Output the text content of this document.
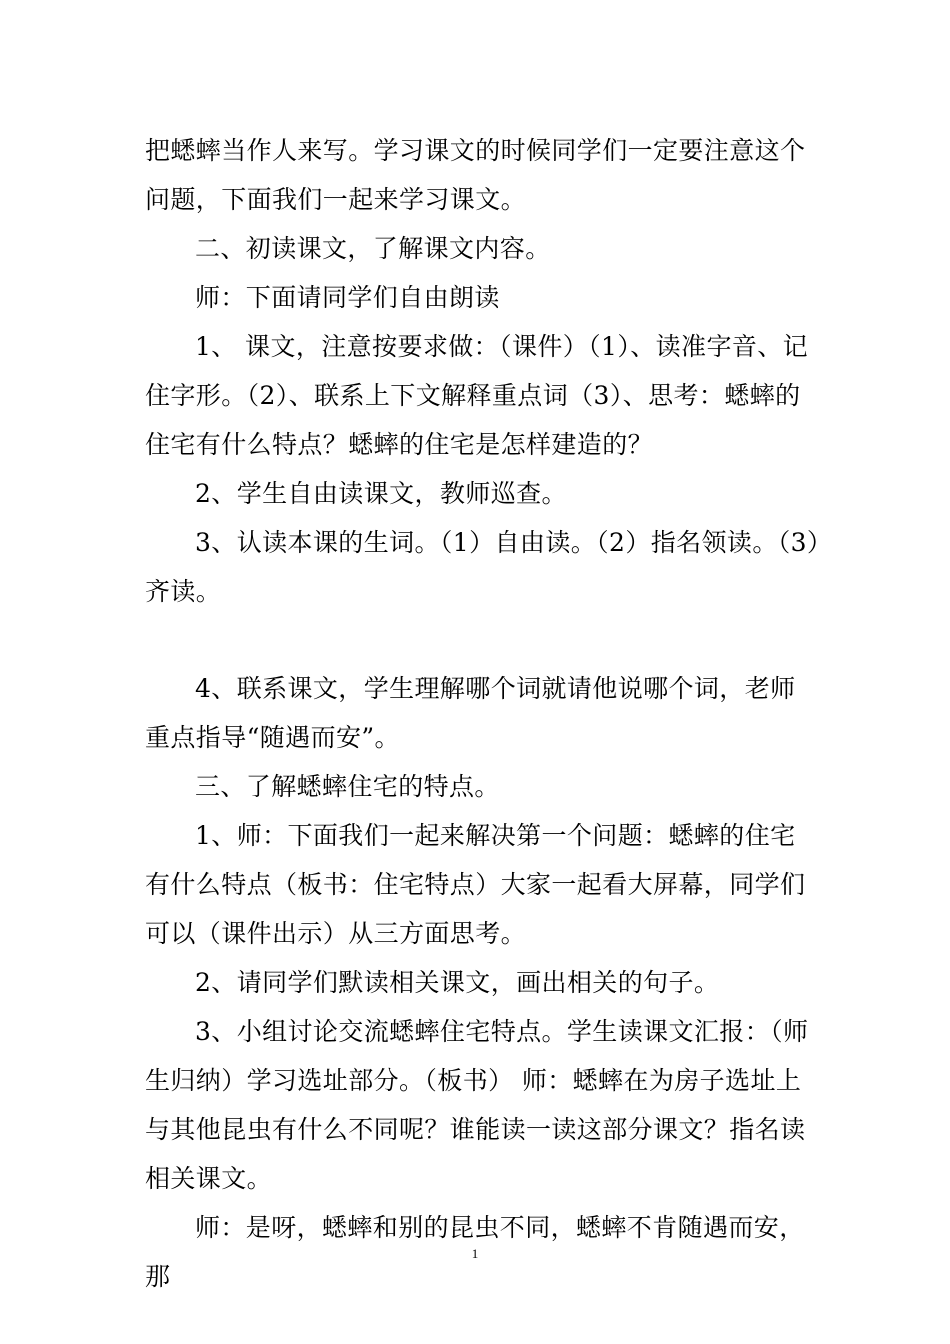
把蟋蟀当作人来写。学习课文的时候同学们一定要注意这个问题，下面我们一起来学习课文。

二、初读课文，了解课文内容。

师：下面请同学们自由朗读

1、 课文，注意按要求做：（课件）（1）、读准字音、记住字形。（2）、联系上下文解释重点词（3）、思考：蟋蟀的住宅有什么特点？蟋蟀的住宅是怎样建造的？

2、学生自由读课文，教师巡查。

3、认读本课的生词。（1）自由读。（2）指名领读。（3）齐读。

4、联系课文，学生理解哪个词就请他说哪个词，老师重点指导“随遇而安”。

三、了解蟋蟀住宅的特点。

1、师：下面我们一起来解决第一个问题：蟋蟀的住宅有什么特点（板书：住宅特点）大家一起看大屏幕，同学们可以（课件出示）从三方面思考。

2、请同学们默读相关课文，画出相关的句子。

3、小组讨论交流蟋蟀住宅特点。学生读课文汇报：（师生归纳）学习选址部分。（板书） 师：蟋蟀在为房子选址上与其他昆虫有什么不同呢？谁能读一读这部分课文？指名读相关课文。

师：是呀，蟋蟀和别的昆虫不同，蟋蟀不肯随遇而安，那

1
